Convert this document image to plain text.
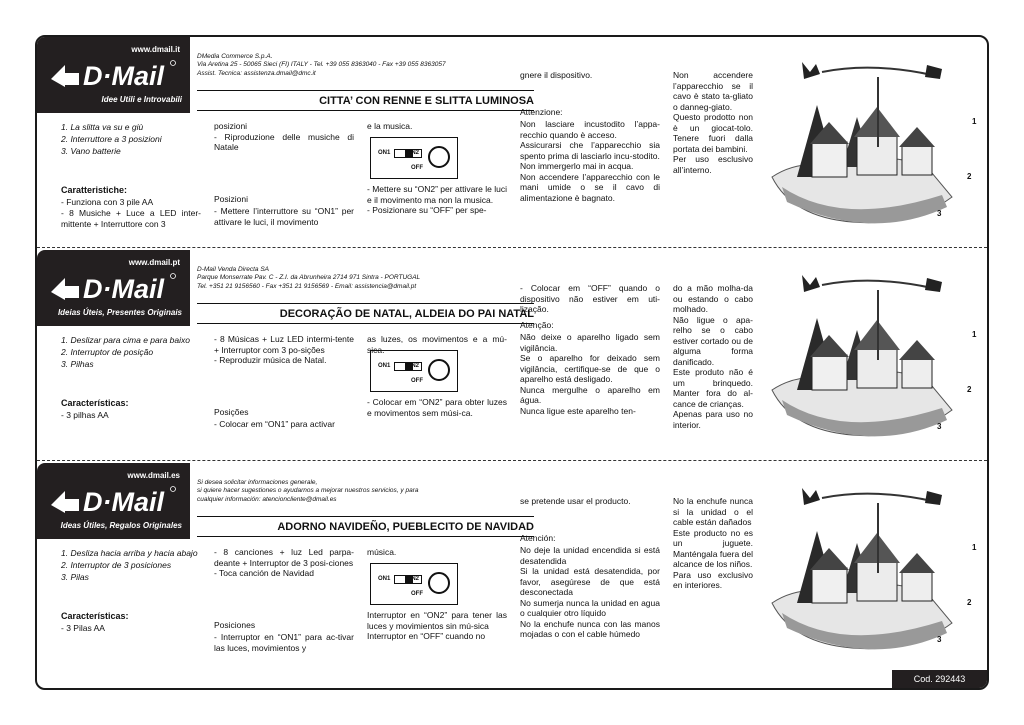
www.dmail.it
D·Mail
Idee Utili e Introvabili
DMedia Commerce S.p.A.
Via Aretina 25 - 50065 Sieci (FI) ITALY - Tel. +39 055 8363040 - Fax +39 055 8363057
Assist. Tecnica: assistenza.dmail@dmc.it
CITTA’ CON RENNE E SLITTA LUMINOSA
1. La slitta va su e giù
2. Interruttore a 3 posizioni
3. Vano batterie
Caratteristiche:
- Funziona con 3 pile AA
- 8 Musiche + Luce a LED inter-mittente + Interruttore con 3
posizioni
- Riproduzione delle musiche di Natale
Posizioni
- Mettere l’interruttore su “ON1” per attivare le luci, il movimento
e la musica.
ON1	ON2
OFF
- Mettere su “ON2” per attivare le luci e il movimento ma non la musica.
- Posizionare su “OFF” per spe-
gnere il dispositivo.
Attenzione:
Non lasciare incustodito l’appa-recchio quando è acceso.
Assicurarsi che l’apparecchio sia spento prima di lasciarlo incu-stodito.
Non immergerlo mai in acqua.
Non accendere l’apparecchio con le mani umide o se il cavo di alimentazione è bagnato.
Non accendere l’apparecchio se il cavo è stato ta-gliato o danneg-giato.
Questo prodotto non è un giocat-tolo. Tenere fuori dalla portata dei bambini.
Per uso esclusivo all’interno.
1
2
3
www.dmail.pt
D·Mail
Ideias Úteis, Presentes Originais
D-Mail Venda Directa SA
Parque Monserrate Pav. C - Z.I. da Abrunheira 2714 971 Sintra - PORTUGAL
Tel. +351 21 9156560 - Fax +351 21 9156569 - Email: assistencia@dmail.pt
DECORAÇÃO DE NATAL, ALDEIA DO PAI NATAL
1. Deslizar para cima e para baixo
2. Interruptor de posição
3. Pilhas
Características:
- 3 pilhas AA
- 8 Músicas + Luz LED intermi-tente + Interruptor com 3 po-sições
- Reproduzir música de Natal.
Posições
- Colocar em “ON1” para activar
as luzes, os movimentos e a mú-sica.
ON1	ON2
OFF
- Colocar em “ON2” para obter luzes e movimentos sem músi-ca.
- Colocar em “OFF” quando o dispositivo não estiver em uti-lização.
Atenção:
Não deixe o aparelho ligado sem vigilância.
Se o aparelho for deixado sem vigilância, certifique-se de que o aparelho está desligado.
Nunca mergulhe o aparelho em água.
Nunca ligue este aparelho ten-
do a mão molha-da ou estando o cabo molhado.
Não ligue o apa-relho se o cabo estiver cortado ou de alguma forma danificado.
Este produto não é um brinquedo. Manter fora do al-cance de crianças.
Apenas para uso no interior.
1
2
3
www.dmail.es
D·Mail
Ideas Útiles, Regalos Originales
Si desea solicitar informaciones generale,
si quiere hacer sugestiones o ayudarnos a mejorar nuestros servicios, y para
cualquier información: atencioncliente@dmail.es
ADORNO NAVIDEÑO, PUEBLECITO DE NAVIDAD
1. Desliza hacia arriba y hacia abajo
2. Interruptor de 3 posiciones
3. Pilas
Características:
- 3 Pilas AA
- 8 canciones + luz Led parpa-deante + Interruptor de 3 posi-ciones
- Toca canción de Navidad
Posiciones
- Interruptor en “ON1” para ac-tivar las luces, movimientos y
música.
ON1	ON2
OFF
Interruptor en “ON2” para tener las luces y movimientos sin mú-sica
Interruptor en “OFF” cuando no
se pretende usar el producto.
Atención:
No deje la unidad encendida si está desatendida
Si la unidad está desatendida, por favor, asegúrese de que está desconectada
No sumerja nunca la unidad en agua o cualquier otro líquido
No la enchufe nunca con las manos mojadas o con el cable húmedo
No la enchufe nunca si la unidad o el cable están dañados
Este producto no es un juguete. Manténgala fuera del alcance de los niños.
Para uso exclusivo en interiores.
1
2
3
Cod. 292443
